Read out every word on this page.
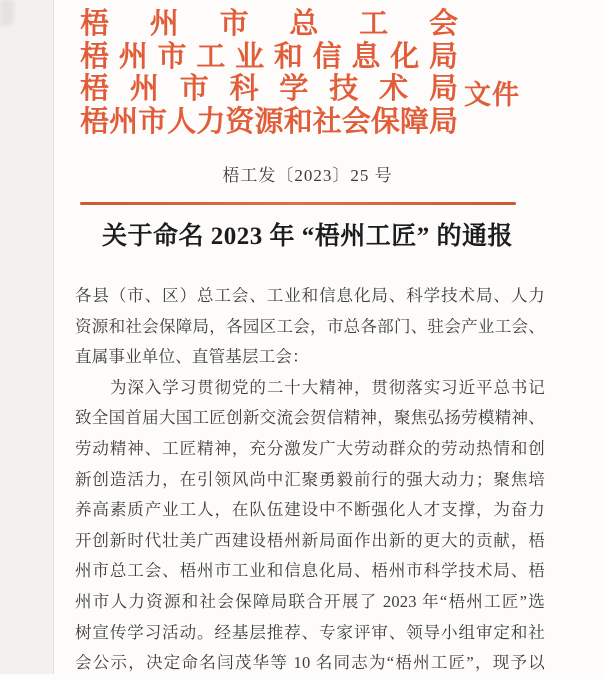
梧州市总工会
梧州市工业和信息化局
梧州市科学技术局
梧州市人力资源和社会保障局
文件
梧工发〔2023〕25 号
关于命名 2023 年 “梧州工匠” 的通报
各县（市、区）总工会、工业和信息化局、科学技术局、人力
资源和社会保障局，各园区工会，市总各部门、驻会产业工会、
直属事业单位、直管基层工会：
为深入学习贯彻党的二十大精神，贯彻落实习近平总书记
致全国首届大国工匠创新交流会贺信精神，聚焦弘扬劳模精神、
劳动精神、工匠精神，充分激发广大劳动群众的劳动热情和创
新创造活力，在引领风尚中汇聚勇毅前行的强大动力；聚焦培
养高素质产业工人，在队伍建设中不断强化人才支撑，为奋力
开创新时代壮美广西建设梧州新局面作出新的更大的贡献，梧
州市总工会、梧州市工业和信息化局、梧州市科学技术局、梧
州市人力资源和社会保障局联合开展了 2023 年“梧州工匠”选
树宣传学习活动。经基层推荐、专家评审、领导小组审定和社
会公示，决定命名闫茂华等 10 名同志为“梧州工匠”，现予以
